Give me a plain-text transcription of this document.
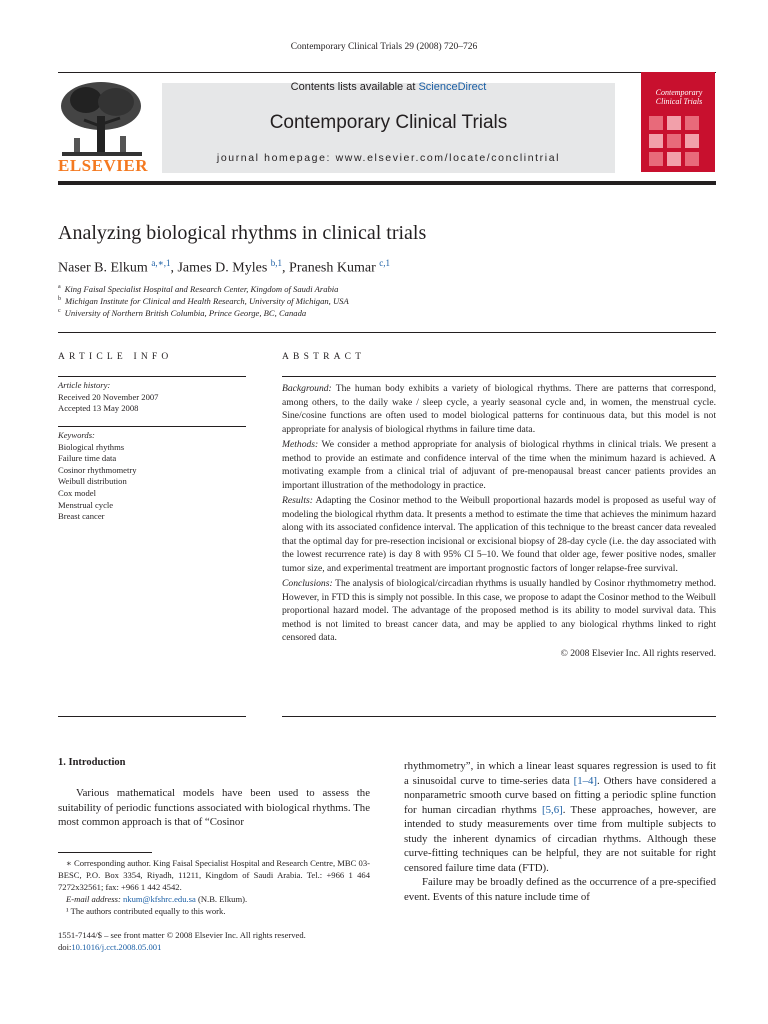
Contemporary Clinical Trials 29 (2008) 720–726
ELSEVIER
Contents lists available at ScienceDirect
Contemporary Clinical Trials
journal homepage: www.elsevier.com/locate/conclintrial
Contemporary Clinical Trials
Analyzing biological rhythms in clinical trials
Naser B. Elkum $^{a,∗,1}$, James D. Myles $^{b,1}$, Pranesh Kumar $^{c,1}$
$^a$ King Faisal Specialist Hospital and Research Center, Kingdom of Saudi Arabia
$^b$ Michigan Institute for Clinical and Health Research, University of Michigan, USA
$^c$ University of Northern British Columbia, Prince George, BC, Canada
ARTICLE INFO
Article history:
Received 20 November 2007
Accepted 13 May 2008
Keywords:
Biological rhythms
Failure time data
Cosinor rhythmometry
Weibull distribution
Cox model
Menstrual cycle
Breast cancer
ABSTRACT

Background: The human body exhibits a variety of biological rhythms. There are patterns that correspond, among others, to the daily wake / sleep cycle, a yearly seasonal cycle and, in women, the menstrual cycle. Sine/cosine functions are often used to model biological patterns for continuous data, but this model is not appropriate for analysis of biological rhythms in failure time data.

Methods: We consider a method appropriate for analysis of biological rhythms in clinical trials. We present a method to provide an estimate and confidence interval of the time when the minimum hazard is achieved. A motivating example from a clinical trial of adjuvant of pre-menopausal breast cancer patients provides an important illustration of the methodology in practice.

Results: Adapting the Cosinor method to the Weibull proportional hazards model is proposed as useful way of modeling the biological rhythm data. It presents a method to estimate the time that achieves the minimum hazard along with its associated confidence interval. The application of this technique to the breast cancer data revealed that the optimal day for pre-resection incisional or excisional biopsy of 28-day cycle (i.e. the day associated with the lowest recurrence rate) is day 8 with 95% CI 5–10. We found that older age, fewer positive nodes, smaller tumor size, and experimental treatment are important prognostic factors of longer relapse-free survival.

Conclusions: The analysis of biological/circadian rhythms is usually handled by Cosinor rhythmometry method. However, in FTD this is simply not possible. In this case, we propose to adapt the Cosinor method to the Weibull proportional hazard model. The advantage of the proposed method is its ability to model survival data. This method is not limited to breast cancer data, and may be applied to any biological rhythms linked to right censored data.

© 2008 Elsevier Inc. All rights reserved.
1. Introduction

Various mathematical models have been used to assess the suitability of periodic functions associated with biological rhythms. The most common approach is that of “Cosinor

rhythmometry”, in which a linear least squares regression is used to fit a sinusoidal curve to time-series data [1–4]. Others have considered a nonparametric smooth curve based on fitting a periodic spline function for human circadian rhythms [5,6]. These approaches, however, are intended to study measurements over time from multiple subjects to study the inherent dynamics of circadian rhythms. Although these curve-fitting techniques can be helpful, they are not suitable for right censored failure time data (FTD).

Failure may be broadly defined as the occurrence of a pre-specified event. Events of this nature include time of

∗ Corresponding author. King Faisal Specialist Hospital and Research Centre, MBC 03-BESC, P.O. Box 3354, Riyadh, 11211, Kingdom of Saudi Arabia. Tel.: +966 1 464 7272x32561; fax: +966 1 442 4542.

E-mail address: nkum@kfshrc.edu.sa (N.B. Elkum).

¹ The authors contributed equally to this work.

1551-7144/$ – see front matter © 2008 Elsevier Inc. All rights reserved.
doi:10.1016/j.cct.2008.05.001
